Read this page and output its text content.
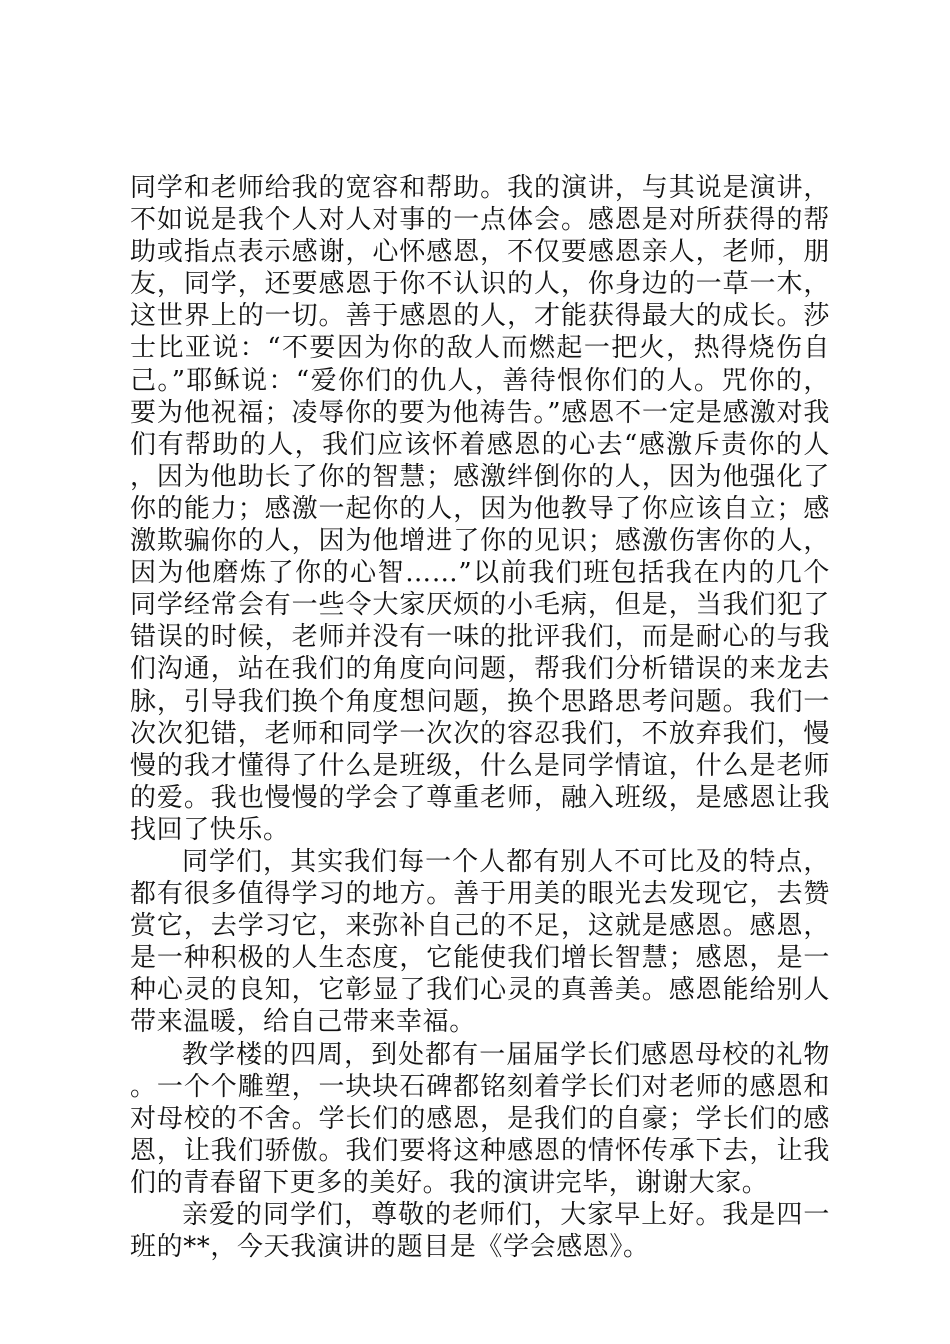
同学和老师给我的宽容和帮助。我的演讲，与其说是演讲，不如说是我个人对人对事的一点体会。感恩是对所获得的帮助或指点表示感谢，心怀感恩，不仅要感恩亲人，老师，朋友，同学，还要感恩于你不认识的人，你身边的一草一木，这世界上的一切。善于感恩的人，才能获得最大的成长。莎士比亚说：“不要因为你的敌人而燃起一把火，热得烧伤自己。”耶稣说：“爱你们的仇人，善待恨你们的人。咒你的，要为他祝福；凌辱你的要为他祷告。”感恩不一定是感激对我们有帮助的人，我们应该怀着感恩的心去“感激斥责你的人，因为他助长了你的智慧；感激绊倒你的人，因为他强化了你的能力；感激一起你的人，因为他教导了你应该自立；感激欺骗你的人，因为他增进了你的见识；感激伤害你的人，因为他磨炼了你的心智……”以前我们班包括我在内的几个同学经常会有一些令大家厌烦的小毛病，但是，当我们犯了错误的时候，老师并没有一味的批评我们，而是耐心的与我们沟通，站在我们的角度向问题，帮我们分析错误的来龙去脉，引导我们换个角度想问题，换个思路思考问题。我们一次次犯错，老师和同学一次次的容忍我们，不放弃我们，慢慢的我才懂得了什么是班级，什么是同学情谊，什么是老师的爱。我也慢慢的学会了尊重老师，融入班级，是感恩让我找回了快乐。

同学们，其实我们每一个人都有别人不可比及的特点，都有很多值得学习的地方。善于用美的眼光去发现它，去赞赏它，去学习它，来弥补自己的不足，这就是感恩。感恩，是一种积极的人生态度，它能使我们增长智慧；感恩，是一种心灵的良知，它彰显了我们心灵的真善美。感恩能给别人带来温暖，给自己带来幸福。

教学楼的四周，到处都有一届届学长们感恩母校的礼物。一个个雕塑，一块块石碑都铭刻着学长们对老师的感恩和对母校的不舍。学长们的感恩，是我们的自豪；学长们的感恩，让我们骄傲。我们要将这种感恩的情怀传承下去，让我们的青春留下更多的美好。我的演讲完毕，谢谢大家。

亲爱的同学们，尊敬的老师们，大家早上好。我是四一班的**，今天我演讲的题目是《学会感恩》。
